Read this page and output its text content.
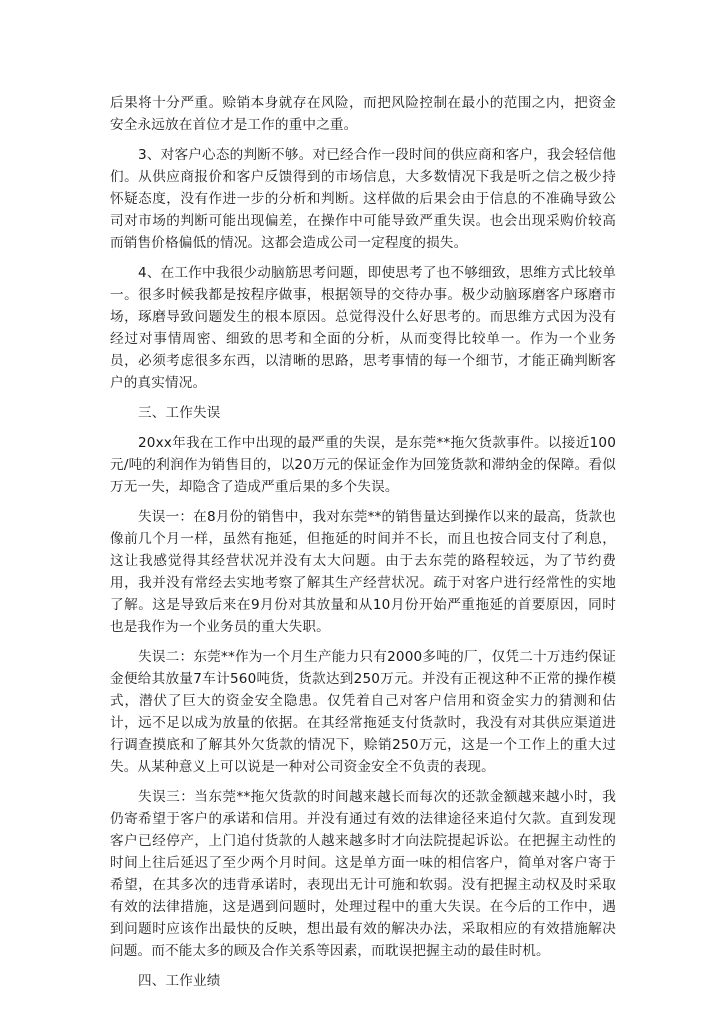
后果将十分严重。赊销本身就存在风险，而把风险控制在最小的范围之内，把资金安全永远放在首位才是工作的重中之重。

3、对客户心态的判断不够。对已经合作一段时间的供应商和客户，我会轻信他们。从供应商报价和客户反馈得到的市场信息，大多数情况下我是听之信之极少持怀疑态度，没有作进一步的分析和判断。这样做的后果会由于信息的不准确导致公司对市场的判断可能出现偏差，在操作中可能导致严重失误。也会出现采购价较高而销售价格偏低的情况。这都会造成公司一定程度的损失。

4、在工作中我很少动脑筋思考问题，即使思考了也不够细致，思维方式比较单一。很多时候我都是按程序做事，根据领导的交待办事。极少动脑琢磨客户琢磨市场，琢磨导致问题发生的根本原因。总觉得没什么好思考的。而思维方式因为没有经过对事情周密、细致的思考和全面的分析，从而变得比较单一。作为一个业务员，必须考虑很多东西，以清晰的思路，思考事情的每一个细节，才能正确判断客户的真实情况。

三、工作失误

20xx年我在工作中出现的最严重的失误，是东莞**拖欠货款事件。以接近100元/吨的利润作为销售目的，以20万元的保证金作为回笼货款和滞纳金的保障。看似万无一失，却隐含了造成严重后果的多个失误。

失误一：在8月份的销售中，我对东莞**的销售量达到操作以来的最高，货款也像前几个月一样，虽然有拖延，但拖延的时间并不长，而且也按合同支付了利息，这让我感觉得其经营状况并没有太大问题。由于去东莞的路程较远，为了节约费用，我并没有常经去实地考察了解其生产经营状况。疏于对客户进行经常性的实地了解。这是导致后来在9月份对其放量和从10月份开始严重拖延的首要原因，同时也是我作为一个业务员的重大失职。

失误二：东莞**作为一个月生产能力只有2000多吨的厂，仅凭二十万违约保证金便给其放量7车计560吨货，货款达到250万元。并没有正视这种不正常的操作模式，潜伏了巨大的资金安全隐患。仅凭着自己对客户信用和资金实力的猜测和估计，远不足以成为放量的依据。在其经常拖延支付货款时，我没有对其供应渠道进行调查摸底和了解其外欠货款的情况下，赊销250万元，这是一个工作上的重大过失。从某种意义上可以说是一种对公司资金安全不负责的表现。

失误三：当东莞**拖欠货款的时间越来越长而每次的还款金额越来越小时，我仍寄希望于客户的承诺和信用。并没有通过有效的法律途径来追付欠款。直到发现客户已经停产，上门追付货款的人越来越多时才向法院提起诉讼。在把握主动性的时间上往后延迟了至少两个月时间。这是单方面一味的相信客户，简单对客户寄于希望，在其多次的违背承诺时，表现出无计可施和软弱。没有把握主动权及时采取有效的法律措施，这是遇到问题时，处理过程中的重大失误。在今后的工作中，遇到问题时应该作出最快的反映，想出最有效的解决办法，采取相应的有效措施解决问题。而不能太多的顾及合作关系等因素，而耽误把握主动的最佳时机。

四、工作业绩
